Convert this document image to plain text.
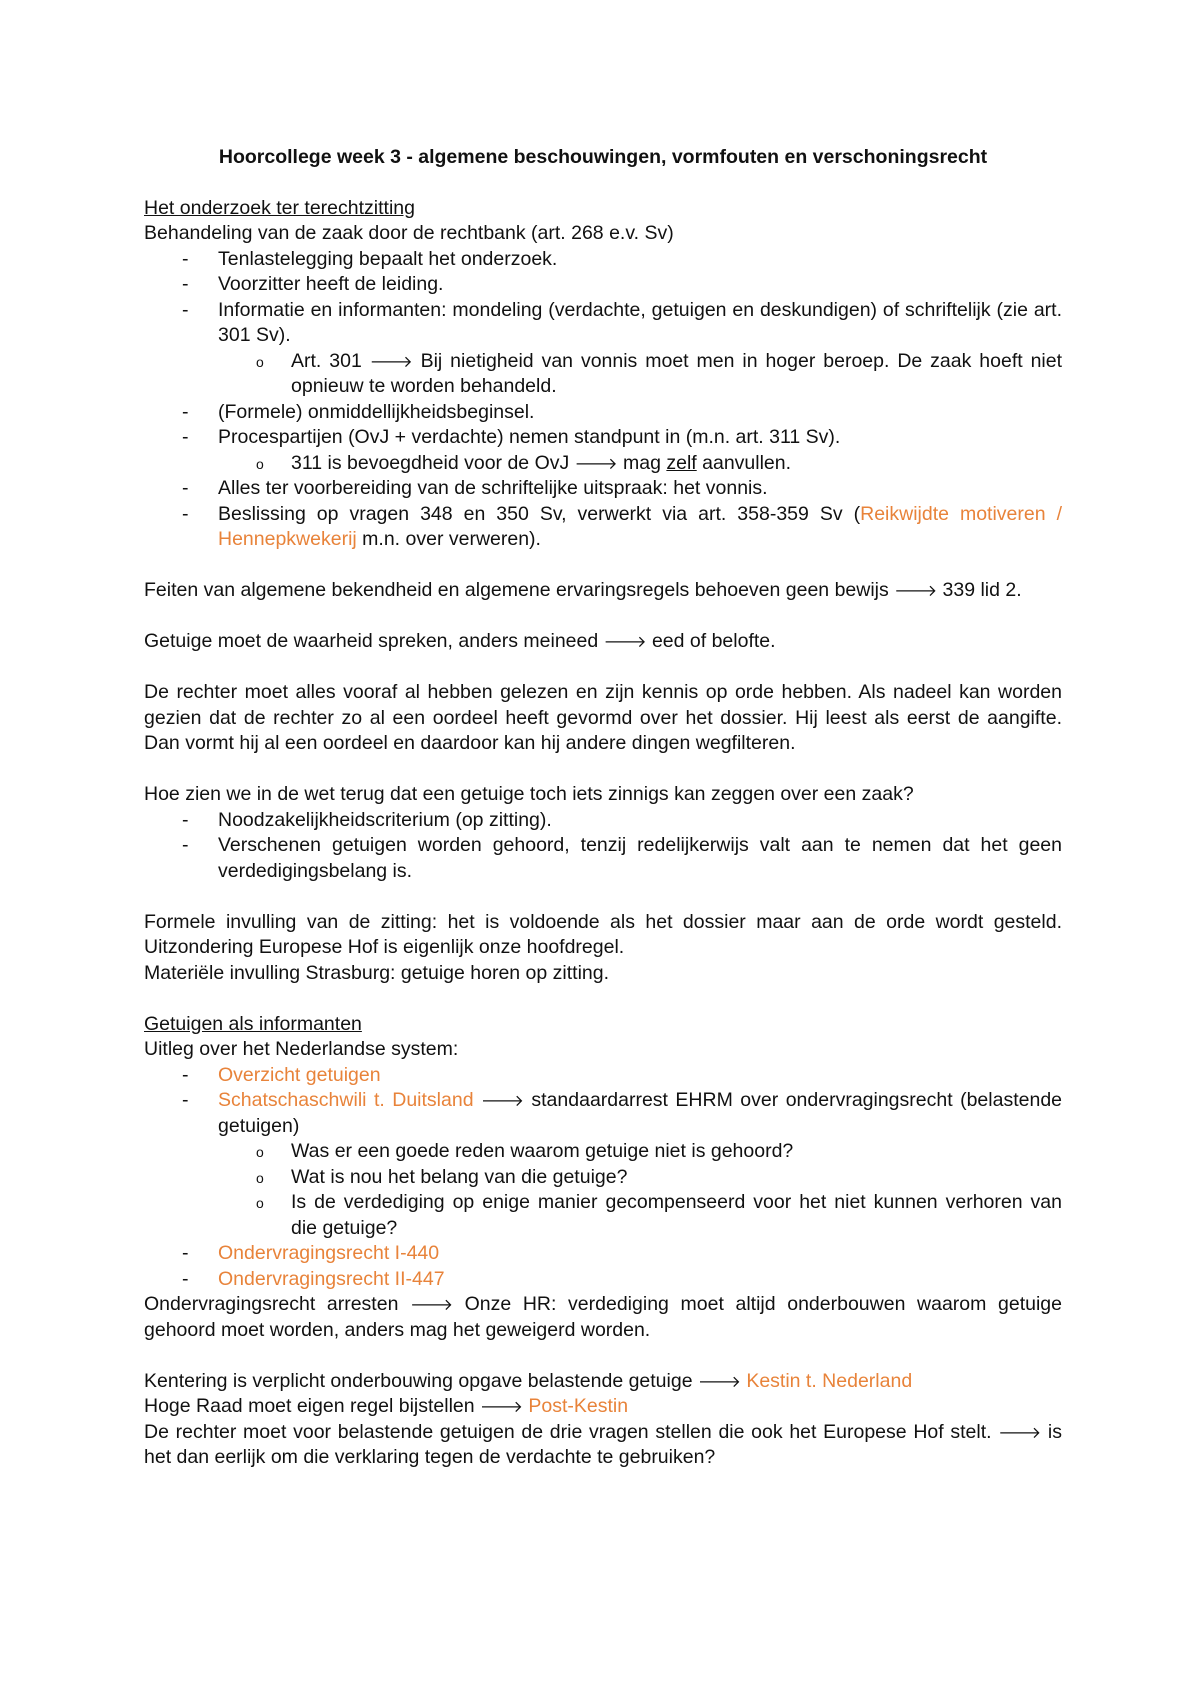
Hoorcollege week 3 - algemene beschouwingen, vormfouten en verschoningsrecht
Het onderzoek ter terechtzitting
Behandeling van de zaak door de rechtbank (art. 268 e.v. Sv)
- Tenlastelegging bepaalt het onderzoek.
- Voorzitter heeft de leiding.
- Informatie en informanten: mondeling (verdachte, getuigen en deskundigen) of schriftelijk (zie art. 301 Sv).
o Art. 301 🡒 Bij nietigheid van vonnis moet men in hoger beroep. De zaak hoeft niet opnieuw te worden behandeld.
- (Formele) onmiddellijkheidsbeginsel.
- Procespartijen (OvJ + verdachte) nemen standpunt in (m.n. art. 311 Sv).
o 311 is bevoegdheid voor de OvJ 🡒 mag zelf aanvullen.
- Alles ter voorbereiding van de schriftelijke uitspraak: het vonnis.
- Beslissing op vragen 348 en 350 Sv, verwerkt via art. 358-359 Sv (Reikwijdte motiveren / Hennepkwekerij m.n. over verweren).
Feiten van algemene bekendheid en algemene ervaringsregels behoeven geen bewijs 🡒 339 lid 2.
Getuige moet de waarheid spreken, anders meineed 🡒 eed of belofte.
De rechter moet alles vooraf al hebben gelezen en zijn kennis op orde hebben. Als nadeel kan worden gezien dat de rechter zo al een oordeel heeft gevormd over het dossier. Hij leest als eerst de aangifte. Dan vormt hij al een oordeel en daardoor kan hij andere dingen wegfilteren.
Hoe zien we in de wet terug dat een getuige toch iets zinnigs kan zeggen over een zaak?
- Noodzakelijkheidscriterium (op zitting).
- Verschenen getuigen worden gehoord, tenzij redelijkerwijs valt aan te nemen dat het geen verdedigingsbelang is.
Formele invulling van de zitting: het is voldoende als het dossier maar aan de orde wordt gesteld. Uitzondering Europese Hof is eigenlijk onze hoofdregel.
Materiële invulling Strasburg: getuige horen op zitting.
Getuigen als informanten
Uitleg over het Nederlandse system:
- Overzicht getuigen
- Schatschaschwili t. Duitsland 🡒 standaardarrest EHRM over ondervragingsrecht (belastende getuigen)
o Was er een goede reden waarom getuige niet is gehoord?
o Wat is nou het belang van die getuige?
o Is de verdediging op enige manier gecompenseerd voor het niet kunnen verhoren van die getuige?
- Ondervragingsrecht I-440
- Ondervragingsrecht II-447
Ondervragingsrecht arresten 🡒 Onze HR: verdediging moet altijd onderbouwen waarom getuige gehoord moet worden, anders mag het geweigerd worden.
Kentering is verplicht onderbouwing opgave belastende getuige 🡒 Kestin t. Nederland
Hoge Raad moet eigen regel bijstellen 🡒 Post-Kestin
De rechter moet voor belastende getuigen de drie vragen stellen die ook het Europese Hof stelt. 🡒 is het dan eerlijk om die verklaring tegen de verdachte te gebruiken?
